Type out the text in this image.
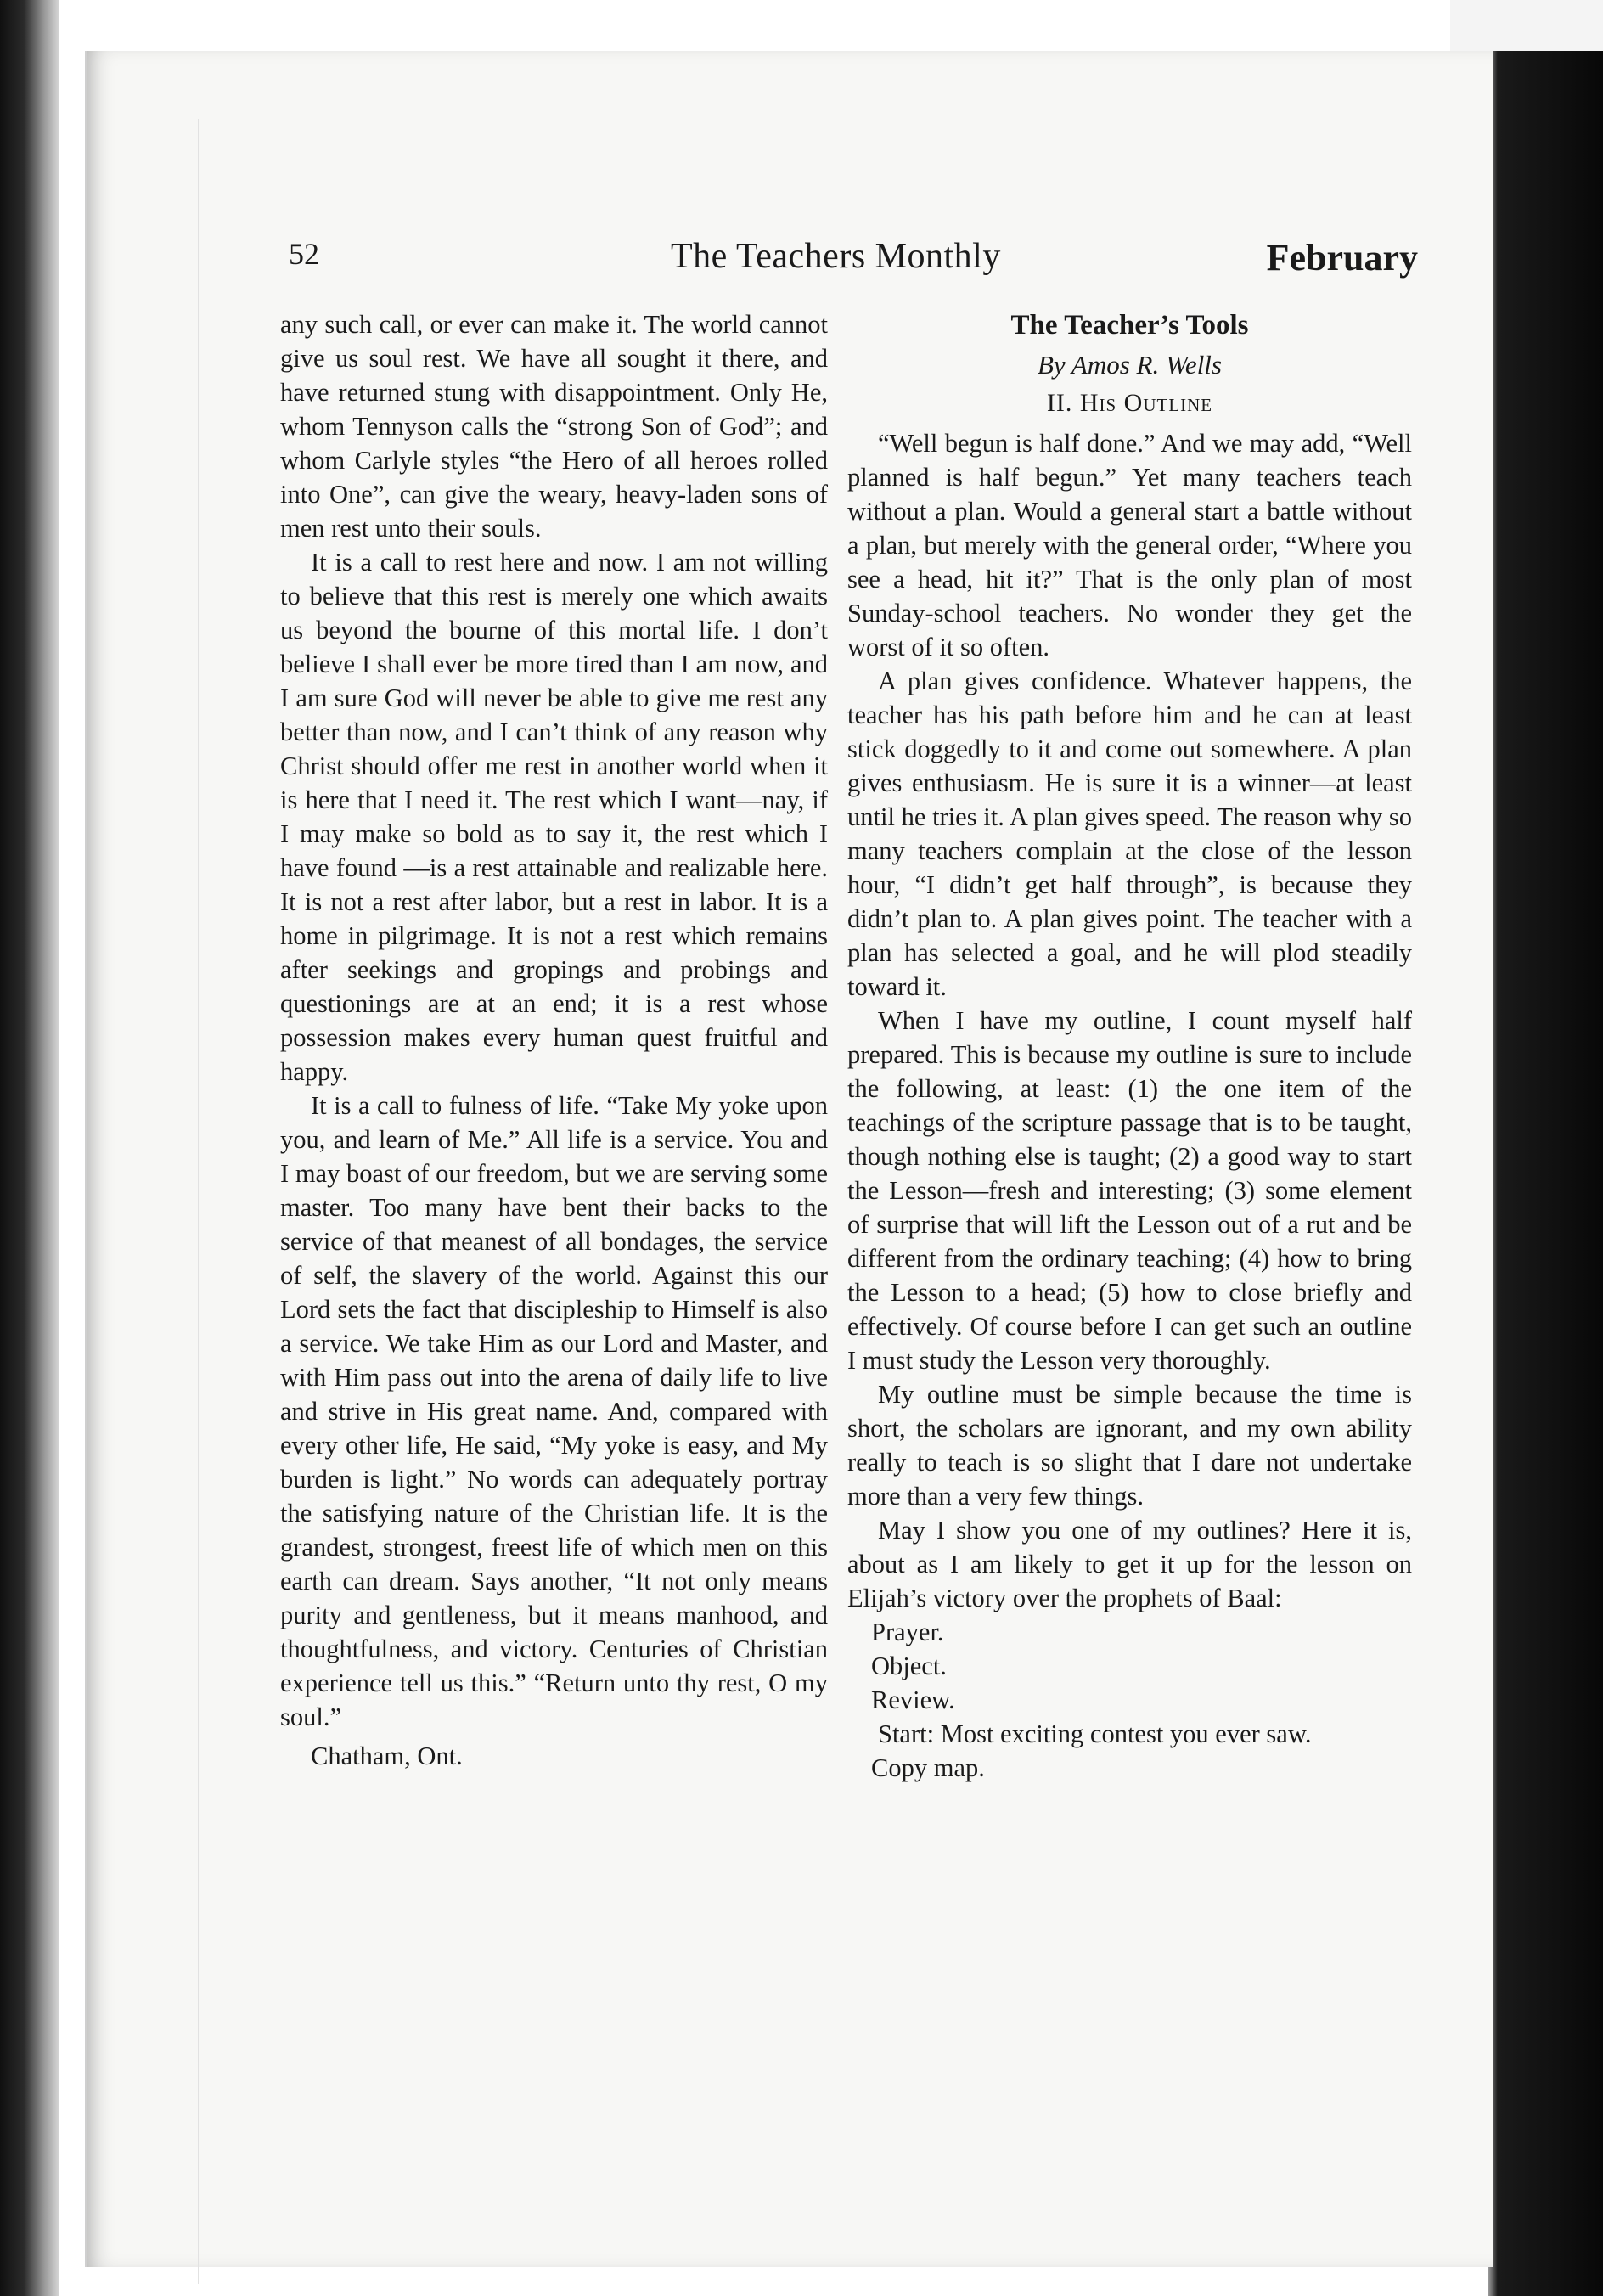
52	The Teachers Monthly	February

any such call, or ever can make it. The world cannot give us soul rest. We have all sought it there, and have returned stung with disappointment. Only He, whom Tennyson calls the “strong Son of God”; and whom Carlyle styles “the Hero of all heroes rolled into One”, can give the weary, heavy-laden sons of men rest unto their souls.

It is a call to rest here and now. I am not willing to believe that this rest is merely one which awaits us beyond the bourne of this mortal life. I don’t believe I shall ever be more tired than I am now, and I am sure God will never be able to give me rest any better than now, and I can’t think of any reason why Christ should offer me rest in another world when it is here that I need it. The rest which I want—nay, if I may make so bold as to say it, the rest which I have found —is a rest attainable and realizable here. It is not a rest after labor, but a rest in labor. It is a home in pilgrimage. It is not a rest which remains after seekings and gropings and probings and questionings are at an end; it is a rest whose possession makes every human quest fruitful and happy.

It is a call to fulness of life. “Take My yoke upon you, and learn of Me.” All life is a service. You and I may boast of our freedom, but we are serving some master. Too many have bent their backs to the service of that meanest of all bondages, the service of self, the slavery of the world. Against this our Lord sets the fact that discipleship to Himself is also a service. We take Him as our Lord and Master, and with Him pass out into the arena of daily life to live and strive in His great name. And, compared with every other life, He said, “My yoke is easy, and My burden is light.” No words can adequately portray the satisfying nature of the Christian life. It is the grandest, strongest, freest life of which men on this earth can dream. Says another, “It not only means purity and gentleness, but it means manhood, and thoughtfulness, and victory. Centuries of Christian experience tell us this.” “Return unto thy rest, O my soul.”

Chatham, Ont.

The Teacher’s Tools
By Amos R. Wells
II. His Outline

“Well begun is half done.” And we may add, “Well planned is half begun.” Yet many teachers teach without a plan. Would a general start a battle without a plan, but merely with the general order, “Where you see a head, hit it?” That is the only plan of most Sunday-school teachers. No wonder they get the worst of it so often.

A plan gives confidence. Whatever happens, the teacher has his path before him and he can at least stick doggedly to it and come out somewhere. A plan gives enthusiasm. He is sure it is a winner—at least until he tries it. A plan gives speed. The reason why so many teachers complain at the close of the lesson hour, “I didn’t get half through”, is because they didn’t plan to. A plan gives point. The teacher with a plan has selected a goal, and he will plod steadily toward it.

When I have my outline, I count myself half prepared. This is because my outline is sure to include the following, at least: (1) the one item of the teachings of the scripture passage that is to be taught, though nothing else is taught; (2) a good way to start the Lesson—fresh and interesting; (3) some element of surprise that will lift the Lesson out of a rut and be different from the ordinary teaching; (4) how to bring the Lesson to a head; (5) how to close briefly and effectively. Of course before I can get such an outline I must study the Lesson very thoroughly.

My outline must be simple because the time is short, the scholars are ignorant, and my own ability really to teach is so slight that I dare not undertake more than a very few things.

May I show you one of my outlines? Here it is, about as I am likely to get it up for the lesson on Elijah’s victory over the prophets of Baal:

Prayer.

Object.

Review.

Start: Most exciting contest you ever saw.

Copy map.
